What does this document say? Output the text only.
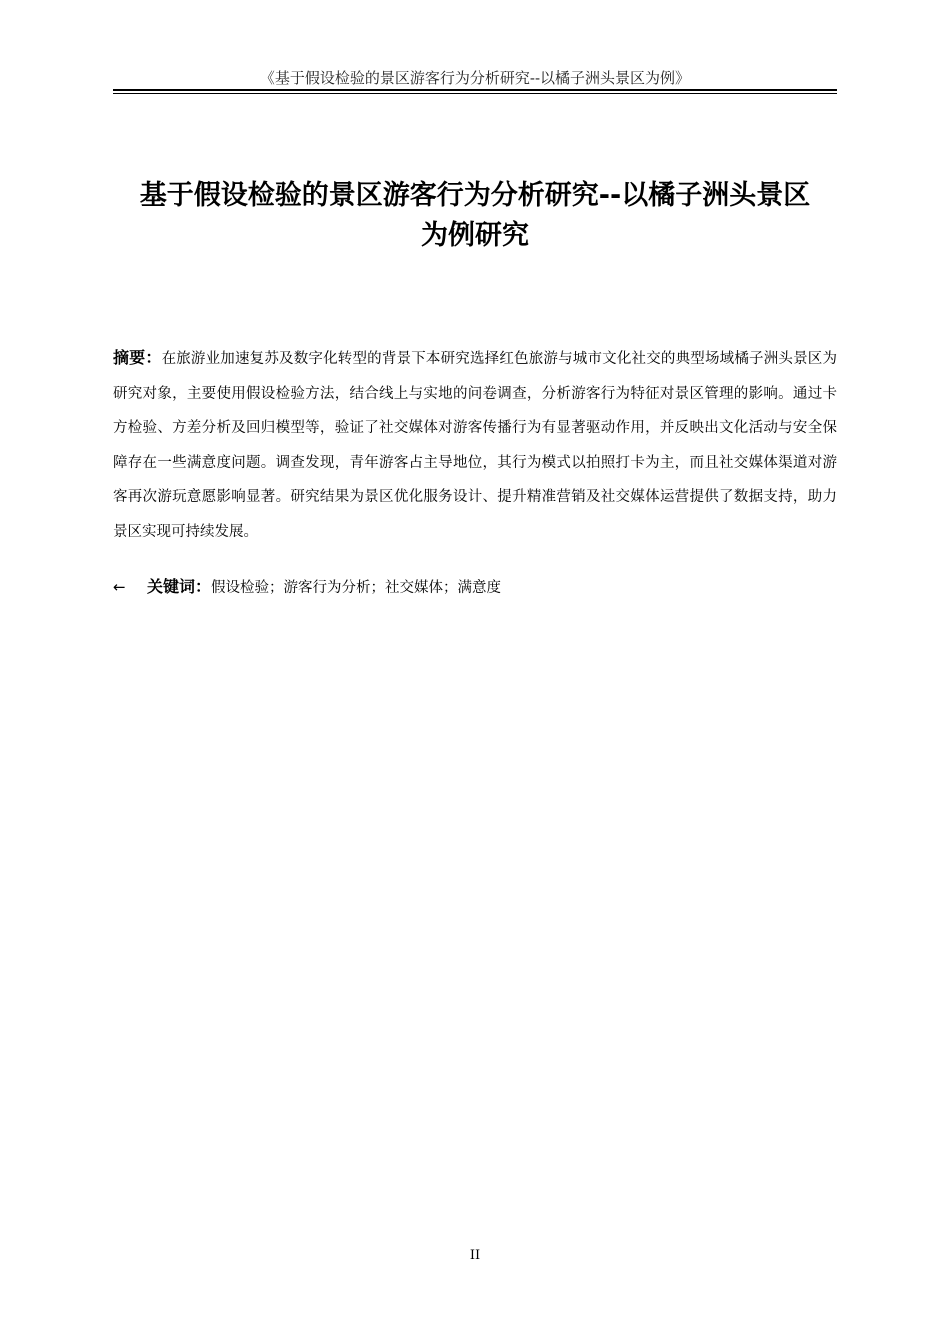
《基于假设检验的景区游客行为分析研究--以橘子洲头景区为例》
基于假设检验的景区游客行为分析研究--以橘子洲头景区
为例研究
摘要：在旅游业加速复苏及数字化转型的背景下本研究选择红色旅游与城市文化社交的典型场域橘子洲头景区为研究对象，主要使用假设检验方法，结合线上与实地的问卷调查，分析游客行为特征对景区管理的影响。通过卡方检验、方差分析及回归模型等，验证了社交媒体对游客传播行为有显著驱动作用，并反映出文化活动与安全保障存在一些满意度问题。调查发现，青年游客占主导地位，其行为模式以拍照打卡为主，而且社交媒体渠道对游客再次游玩意愿影响显著。研究结果为景区优化服务设计、提升精准营销及社交媒体运营提供了数据支持，助力景区实现可持续发展。
← 关键词：假设检验；游客行为分析；社交媒体；满意度
II
